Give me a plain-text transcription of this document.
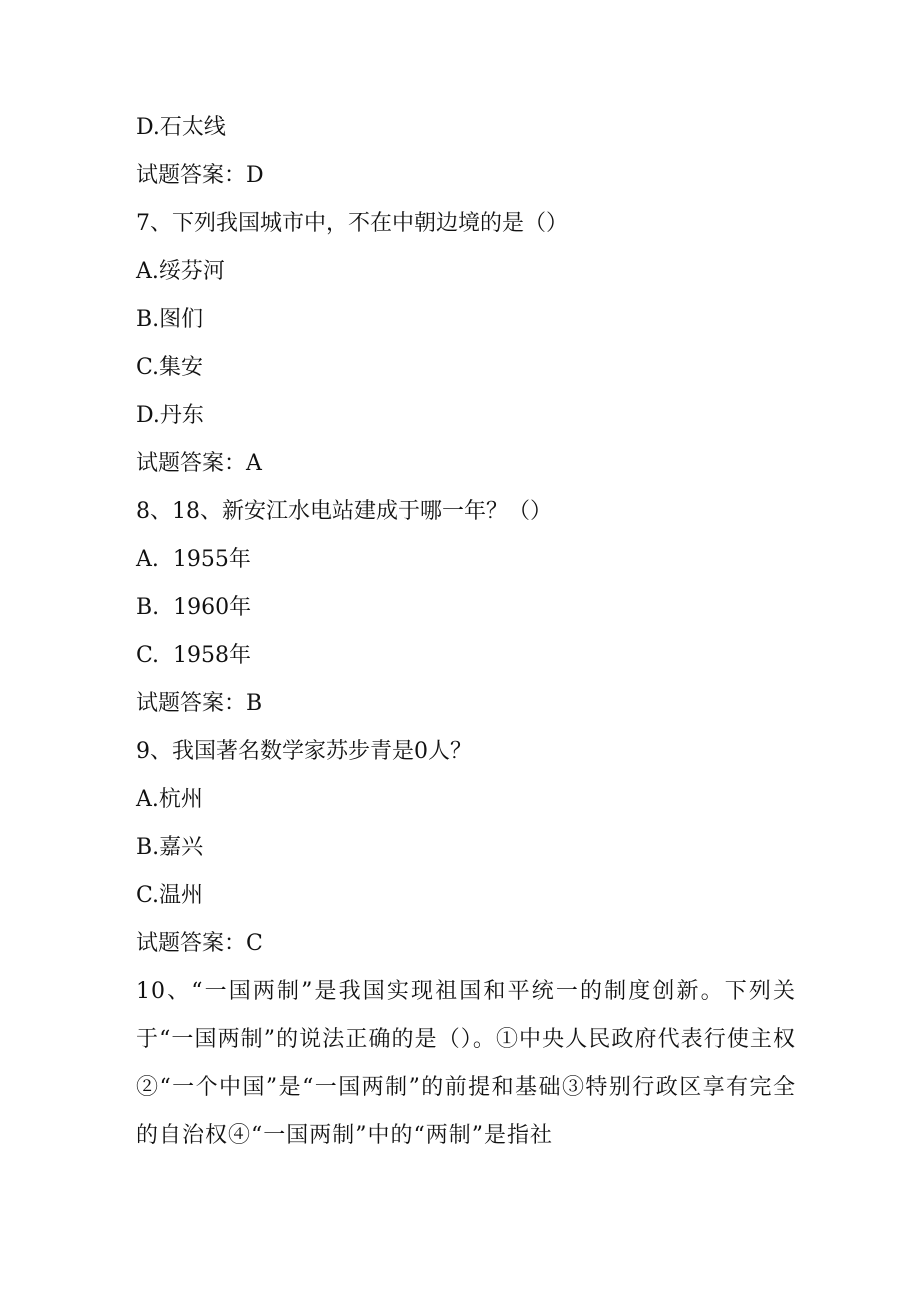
D.石太线
试题答案：D
7、下列我国城市中，不在中朝边境的是（）
A.绥芬河
B.图们
C.集安
D.丹东
试题答案：A
8、18、新安江水电站建成于哪一年？（）
A.  1955年
B.  1960年
C.  1958年
试题答案：B
9、我国著名数学家苏步青是0人？
A.杭州
B.嘉兴
C.温州
试题答案：C
10、“一国两制”是我国实现祖国和平统一的制度创新。下列关于“一国两制”的说法正确的是（）。①中央人民政府代表行使主权②“一个中国”是“一国两制”的前提和基础③特别行政区享有完全的自治权④“一国两制”中的“两制”是指社
